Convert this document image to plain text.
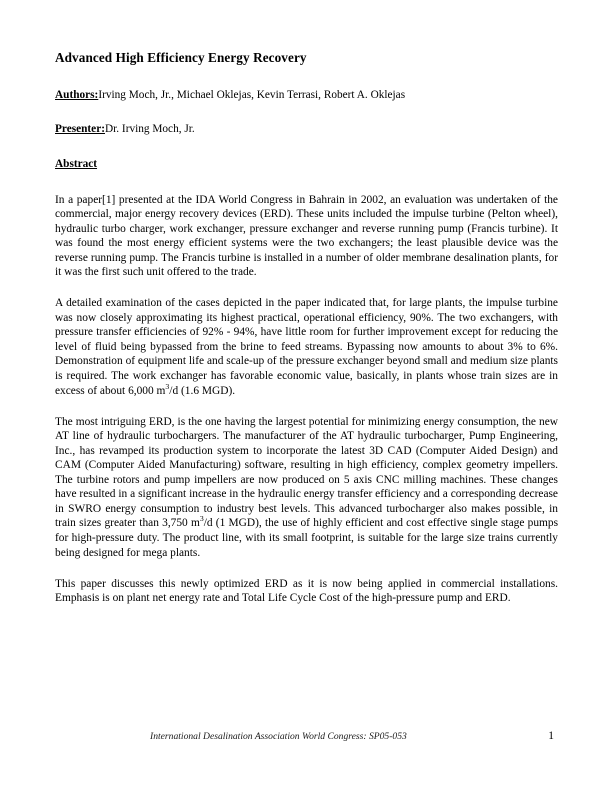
Advanced High Efficiency Energy Recovery

Authors:Irving Moch, Jr., Michael Oklejas, Kevin Terrasi, Robert A. Oklejas

Presenter:Dr. Irving Moch, Jr.

Abstract

In a paper[1] presented at the IDA World Congress in Bahrain in 2002, an evaluation was undertaken of the commercial, major energy recovery devices (ERD). These units included the impulse turbine (Pelton wheel), hydraulic turbo charger, work exchanger, pressure exchanger and reverse running pump (Francis turbine). It was found the most energy efficient systems were the two exchangers; the least plausible device was the reverse running pump. The Francis turbine is installed in a number of older membrane desalination plants, for it was the first such unit offered to the trade.

A detailed examination of the cases depicted in the paper indicated that, for large plants, the impulse turbine was now closely approximating its highest practical, operational efficiency, 90%. The two exchangers, with pressure transfer efficiencies of 92% - 94%, have little room for further improvement except for reducing the level of fluid being bypassed from the brine to feed streams. Bypassing now amounts to about 3% to 6%. Demonstration of equipment life and scale-up of the pressure exchanger beyond small and medium size plants is required. The work exchanger has favorable economic value, basically, in plants whose train sizes are in excess of about 6,000 $m^3/d$ (1.6 MGD).

The most intriguing ERD, is the one having the largest potential for minimizing energy consumption, the new AT line of hydraulic turbochargers. The manufacturer of the AT hydraulic turbocharger, Pump Engineering, Inc., has revamped its production system to incorporate the latest 3D CAD (Computer Aided Design) and CAM (Computer Aided Manufacturing) software, resulting in high efficiency, complex geometry impellers. The turbine rotors and pump impellers are now produced on 5 axis CNC milling machines. These changes have resulted in a significant increase in the hydraulic energy transfer efficiency and a corresponding decrease in SWRO energy consumption to industry best levels. This advanced turbocharger also makes possible, in train sizes greater than 3,750 $m^3/d$ (1 MGD), the use of highly efficient and cost effective single stage pumps for high-pressure duty. The product line, with its small footprint, is suitable for the large size trains currently being designed for mega plants.

This paper discusses this newly optimized ERD as it is now being applied in commercial installations. Emphasis is on plant net energy rate and Total Life Cycle Cost of the high-pressure pump and ERD.

International Desalination Association World Congress: SP05-053	1
